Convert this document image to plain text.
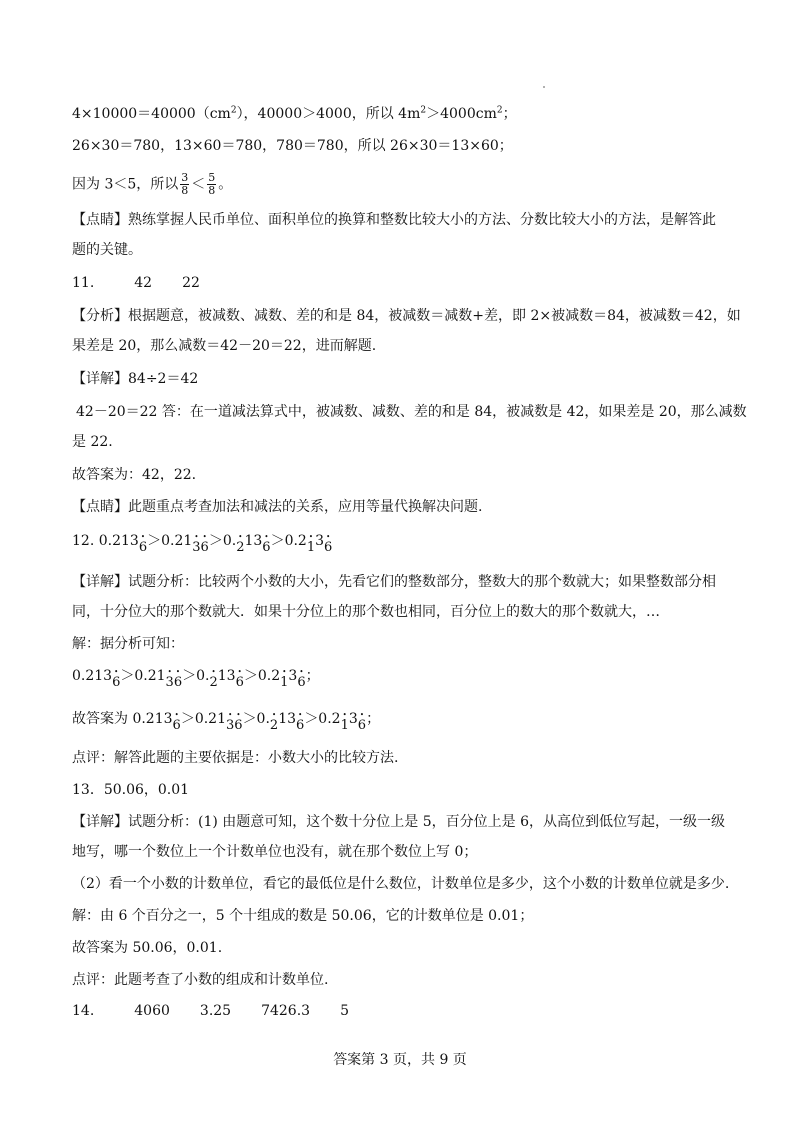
$4\times 10000=40000(cm^2)$，40000＞4000，所以 $4m^2>4000cm^2$；
26×30＝780，13×60＝780，780＝780，所以 26×30＝13×60；
因为 3＜5，所以 $\frac{3}{8} < \frac{5}{8}$ 。
【点睛】熟练掌握人民币单位、面积单位的换算和整数比较大小的方法、分数比较大小的方法，是解答此
题的关键。
11.	42 22
【分析】根据题意，被减数、减数、差的和是 84，被减数＝减数+差，即 2×被减数＝84，被减数＝42，如
果差是 20，那么减数＝42－20＝22，进而解题.
【详解】84÷2＝42
42－20＝22 答：在一道减法算式中，被减数、减数、差的和是 84，被减数是 42，如果差是 20，那么减数
是 22.
故答案为：42，22.
【点睛】此题重点考查加法和减法的关系，应用等量代换解决问题.
12. 0.213• 6＞0.21• 3• 6＞0.• 213• 6＞0.2• 13• 6
【详解】试题分析：比较两个小数的大小，先看它们的整数部分，整数大的那个数就大；如果整数部分相
同，十分位大的那个数就大．如果十分位上的那个数也相同，百分位上的数大的那个数就大，…
解：据分析可知：
0.213• 6＞0.21• 3• 6＞0.• 213• 6＞0.2• 13• 6；
故答案为 0.213• 6＞0.21• 3• 6＞0.• 213• 6＞0.2• 13• 6；
点评：解答此题的主要依据是：小数大小的比较方法.
13．50.06，0.01
【详解】试题分析：(1) 由题意可知，这个数十分位上是 5，百分位上是 6，从高位到低位写起，一级一级
地写，哪一个数位上一个计数单位也没有，就在那个数位上写 0；
（2）看一个小数的计数单位，看它的最低位是什么数位，计数单位是多少，这个小数的计数单位就是多少.
解：由 6 个百分之一，5 个十组成的数是 50.06，它的计数单位是 0.01；
故答案为 50.06，0.01.
点评：此题考查了小数的组成和计数单位.
14.	4060 3.25 7426.3 5
答案第 3 页，共 9 页
